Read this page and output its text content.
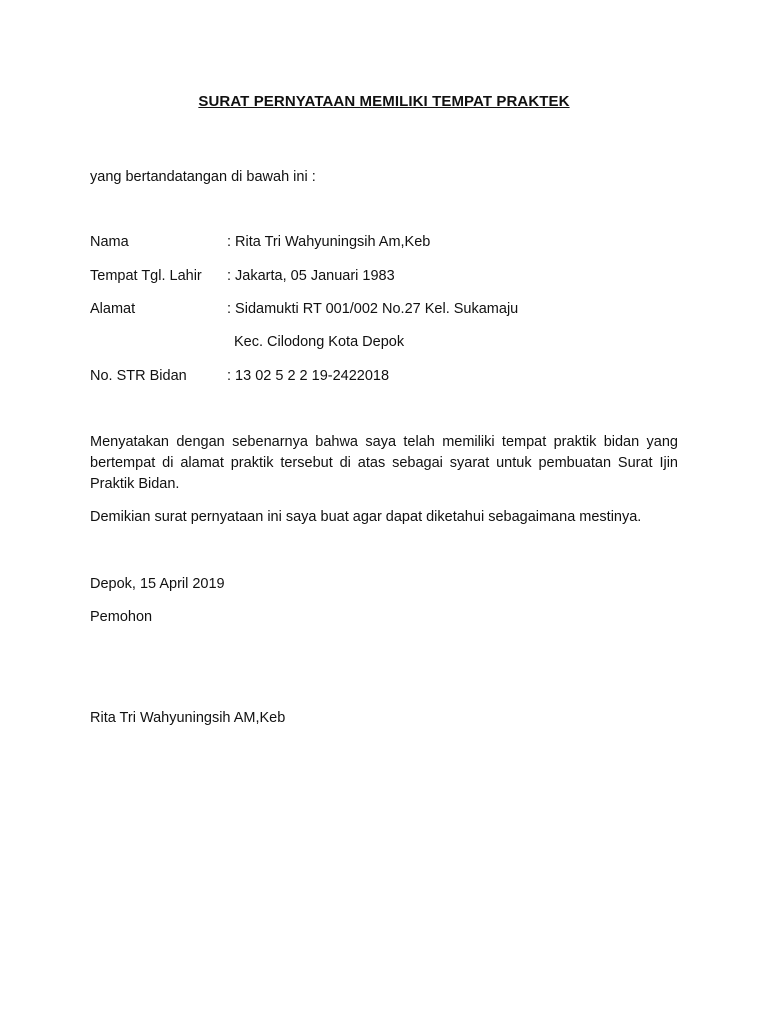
SURAT PERNYATAAN MEMILIKI TEMPAT PRAKTEK
yang bertandatangan di bawah ini :
Nama	: Rita Tri Wahyuningsih Am,Keb
Tempat Tgl. Lahir : Jakarta, 05 Januari 1983
Alamat	: Sidamukti RT 001/002 No.27 Kel. Sukamaju
Kec. Cilodong Kota Depok
No. STR Bidan	: 13 02 5 2 2 19-2422018
Menyatakan dengan sebenarnya bahwa saya telah memiliki tempat praktik bidan yang bertempat di alamat praktik tersebut di atas sebagai syarat untuk pembuatan Surat Ijin Praktik Bidan.
Demikian surat pernyataan ini saya buat agar dapat diketahui sebagaimana mestinya.
Depok, 15 April 2019
Pemohon
Rita Tri Wahyuningsih AM,Keb
